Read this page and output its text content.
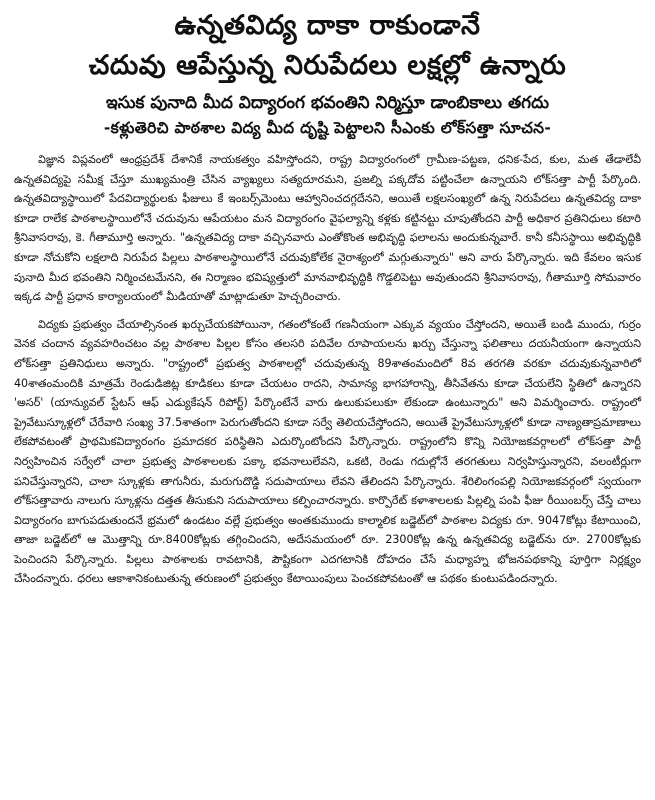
ఉన్నతవిద్య దాకా రాకుండానే
చదువు ఆపేస్తున్న నిరుపేదలు లక్షల్లో ఉన్నారు
ఇసుక పునాది మీద విద్యారంగ భవంతిని నిర్మిస్తూ డాంబికాలు తగదు
-కళ్లుతెరిచి పాఠశాల విద్య మీద దృష్టి పెట్టాలని సీఎంకు లోక్‌సత్తా సూచన-

విజ్ఞాన విప్లవంలో ఆంధ్రప్రదేశ్ దేశానికే నాయకత్వం వహిస్తోందని, రాష్ట్ర విద్యారంగంలో గ్రామీణ-పట్టణ, ధనిక-పేద, కుల, మత తేడాలేవీ ఉన్నతవిద్యపై సమీక్ష చేస్తూ ముఖ్యమంత్రి చేసిన వ్యాఖ్యలు సత్యదూరమని, ప్రజల్ని పక్కదోవ పట్టించేలా ఉన్నాయని లోక్‌సత్తా పార్టీ పేర్కొంది. ఉన్నతవిద్యాస్థాయిలో పేదవిద్యార్థులకు ఫీజులు కే ఇంబర్స్‌మెంటు ఆహ్వానించదగ్గదేనని, అయితే లక్షలసంఖ్యలో ఉన్న నిరుపేదలు ఉన్నతవిద్య దాకా కూడా రాలేక పాఠశాలస్థాయిలోనే చదువును ఆపేయటం మన విద్యారంగం వైఫల్యాన్ని కళ్లకు కట్టినట్టు చూపుతోందని పార్టీ అధికార ప్రతినిధులు కటారి శ్రీనివాసరావు, కె. గీతామూర్తి అన్నారు. "ఉన్నతవిద్య దాకా వచ్చినవారు ఎంతోకొంత అభివృద్ధి ఫలాలను అందుకున్నవారే. కానీ కనీసస్థాయి అభివృద్ధికి కూడా నోచుకోని లక్షలాది నిరుపేద పిల్లలు పాఠశాలస్థాయిలోనే చదువుకోలేక నైరాశ్యంలో మగ్గుతున్నారు" అని వారు పేర్కొన్నారు. ఇది కేవలం ఇసుక పునాది మీద భవంతిని నిర్మించటమేనని, ఈ నిర్మాణం భవిష్యత్తులో మానవాభివృద్ధికి గొడ్డలిపెట్టు అవుతుందని శ్రీనివాసరావు, గీతామూర్తి సోమవారం ఇక్కడ పార్టీ ప్రధాన కార్యాలయంలో మీడియాతో మాట్లాడుతూ హెచ్చరించారు.

విద్యకు ప్రభుత్వం చేయాల్సినంత ఖర్చుచేయకపోయినా, గతంలోకంటే గణనీయంగా ఎక్కువ వ్యయం చేస్తోందని, అయితే బండి ముందు, గుర్రం వెనక చందాన వ్యవహరించటం వల్ల పాఠశాల పిల్లల కోసం తలసరి పదివేల రూపాయలను ఖర్చు చేస్తున్నా ఫలితాలు దయనీయంగా ఉన్నాయని లోక్‌సత్తా ప్రతినిధులు అన్నారు. "రాష్ట్రంలో ప్రభుత్వ పాఠశాలల్లో చదువుతున్న 89శాతంమందిలో 8వ తరగతి వరకూ చదువుకున్నవారిలో 40శాతంమందికి మాత్రమే రెండుడిజిట్ల కూడికలు కూడా చేయటం రాదని, సామాన్య భాగహారాన్ని, తీసివేతను కూడా చేయలేని స్థితిలో ఉన్నారని 'అసర్' (యాన్యువల్ స్టేటస్ ఆఫ్ ఎడ్యుకేషన్ రిపోర్ట్) పేర్కొంటేనే వారు ఉలుకుపలుకూ లేకుండా ఉంటున్నారు" అని విమర్శించారు. రాష్ట్రంలో ప్రైవేటుస్కూళ్లలో చేరేవారి సంఖ్య 37.5శాతంగా పెరుగుతోందని కూడా సర్వే తెలియచేస్తోందని, అయితే ప్రైవేటుస్కూళ్లలో కూడా నాణ్యతాప్రమాణాలు లేకపోవటంతో ప్రాథమికవిద్యారంగం ప్రమాదకర పరిస్థితిని ఎదుర్కొంటోందని పేర్కొన్నారు. రాష్ట్రంలోని కొన్ని నియోజకవర్గాలలో లోక్‌సత్తా పార్టీ నిర్వహించిన సర్వేలో చాలా ప్రభుత్వ పాఠశాలలకు పక్కా భవనాలులేవని, ఒకటి, రెండు గదుల్లోనే తరగతులు నిర్వహిస్తున్నారని, వలంటీర్లుగా పనిచేస్తున్నారని, చాలా స్కూళ్లకు తాగునీరు, మరుగుదొడ్డి సదుపాయాలు లేవని తేలిందని పేర్కొన్నారు. శేరిలింగంపల్లి నియోజకవర్గంలో స్వయంగా లోక్‌సత్తావారు నాలుగు స్కూళ్లను దత్తత తీసుకుని సదుపాయాలు కల్పించారన్నారు. కార్పొరేట్ కళాశాలలకు పిల్లల్ని పంపి ఫీజు రీయింబర్స్ చేస్తే చాలు విద్యారంగం బాగుపడుతుందనే భ్రమలో ఉండటం వల్లే ప్రభుత్వం అంతకుముందు కాల్మాలిక బడ్జెట్‌లో పాఠశాల విద్యకు రూ. 9047కోట్లు కేటాయించి, తాజా బడ్జెట్‌లో ఆ మొత్తాన్ని రూ.8400కోట్లకు తగ్గించిందని, అదేసమయంలో రూ. 2300కోట్ల ఉన్న ఉన్నతవిద్య బడ్జెట్‌ను రూ. 2700కోట్లకు పెంచిందని పేర్కొన్నారు. పిల్లలు పాఠశాలకు రావటానికి, పౌష్టికంగా ఎదగటానికి దోహదం చేసే మధ్యాహ్న భోజనపథకాన్ని పూర్తిగా నిర్లక్ష్యం చేసిందన్నారు. ధరలు ఆకాశానికంటుతున్న తరుణంలో ప్రభుత్వం కేటాయింపులు పెంచకపోవటంతో ఆ పథకం కుంటుపడిందన్నారు.
